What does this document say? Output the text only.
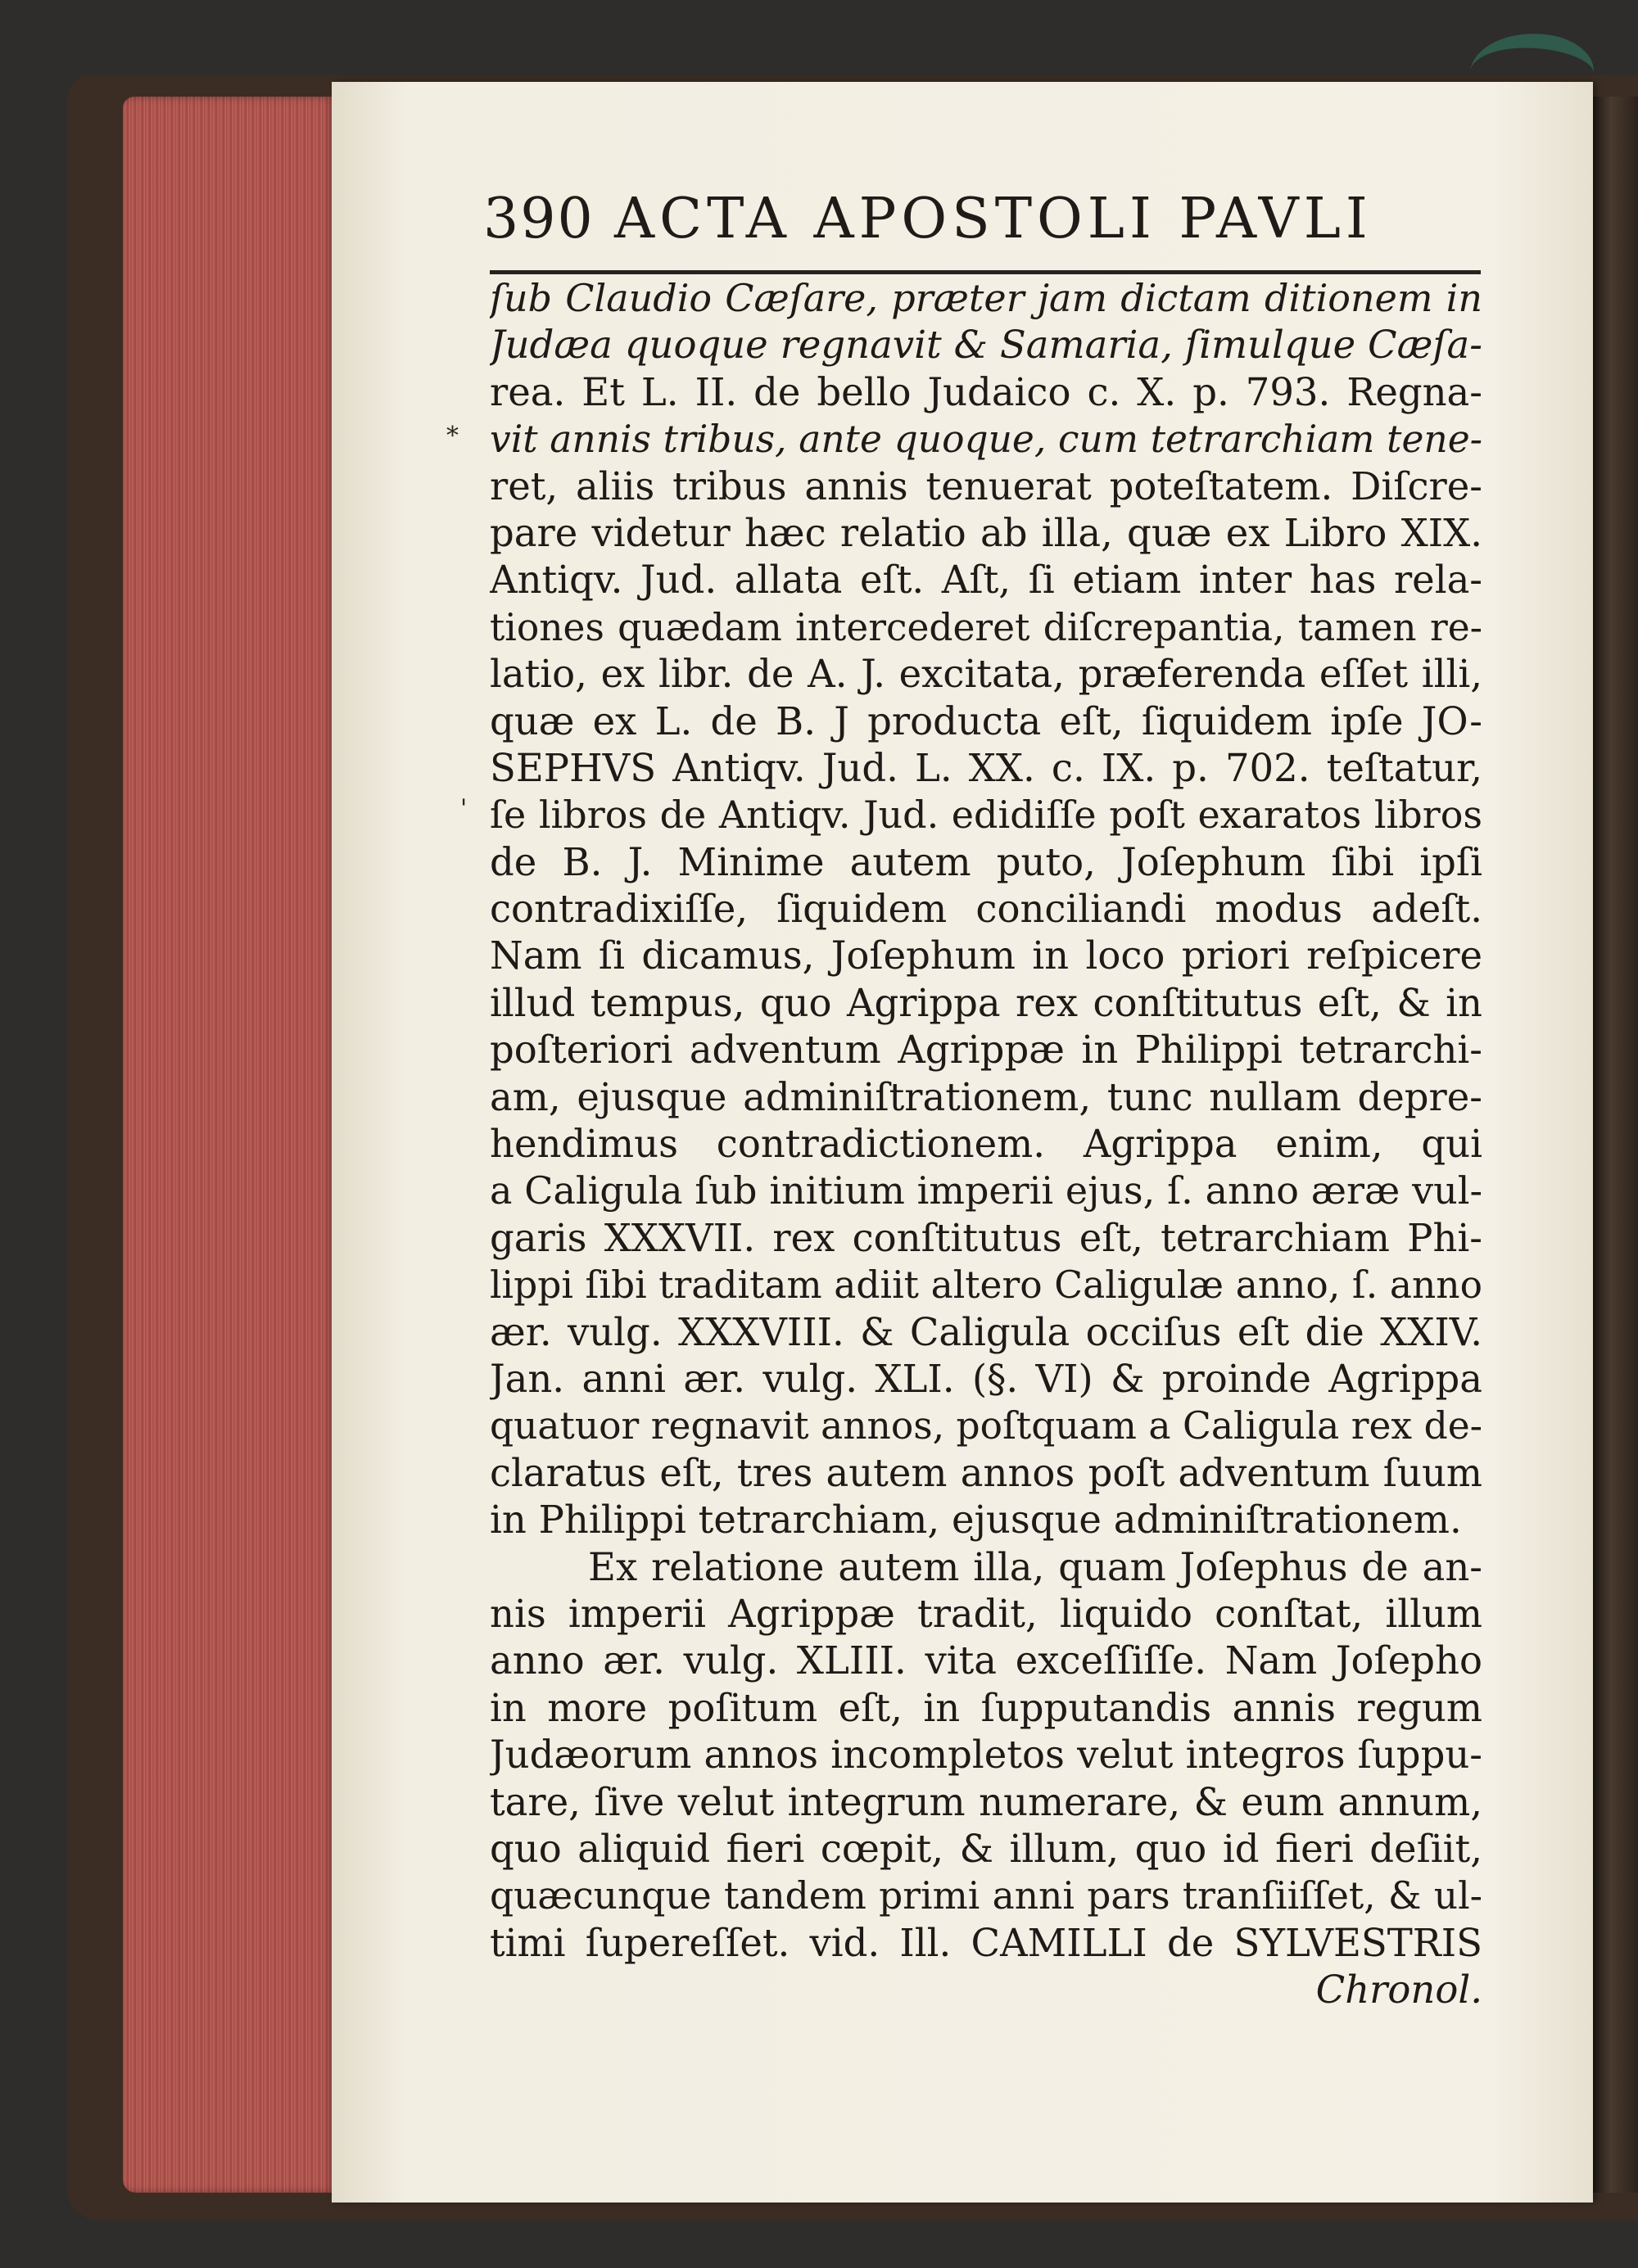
390 ACTA APOSTOLI PAVLI
*
'
ſub Claudio Cæſare, præter jam dictam ditionem in
Judæa quoque regnavit & Samaria, ſimulque Cæſa-
rea. Et L. II. de bello Judaico c. X. p. 793. Regna-
vit annis tribus, ante quoque, cum tetrarchiam tene-
ret, aliis tribus annis tenuerat poteſtatem. Diſcre-
pare videtur hæc relatio ab illa, quæ ex Libro XIX.
Antiqv. Jud. allata eſt. Aſt, ſi etiam inter has rela-
tiones quædam intercederet diſcrepantia, tamen re-
latio, ex libr. de A. J. excitata, præferenda eſſet illi,
quæ ex L. de B. J producta eſt, ſiquidem ipſe JO-
SEPHVS Antiqv. Jud. L. XX. c. IX. p. 702. teſtatur,
ſe libros de Antiqv. Jud. edidiſſe poſt exaratos libros
de B. J. Minime autem puto, Joſephum ſibi ipſi
contradixiſſe, ſiquidem conciliandi modus adeſt.
Nam ſi dicamus, Joſephum in loco priori reſpicere
illud tempus, quo Agrippa rex conſtitutus eſt, & in
poſteriori adventum Agrippæ in Philippi tetrarchi-
am, ejusque adminiſtrationem, tunc nullam depre-
hendimus contradictionem. Agrippa enim, qui
a Caligula ſub initium imperii ejus, ſ. anno æræ vul-
garis XXXVII. rex conſtitutus eſt, tetrarchiam Phi-
lippi ſibi traditam adiit altero Caligulæ anno, ſ. anno
ær. vulg. XXXVIII. & Caligula occiſus eſt die XXIV.
Jan. anni ær. vulg. XLI. (§. VI) & proinde Agrippa
quatuor regnavit annos, poſtquam a Caligula rex de-
claratus eſt, tres autem annos poſt adventum ſuum
in Philippi tetrarchiam, ejusque adminiſtrationem.
Ex relatione autem illa, quam Joſephus de an-
nis imperii Agrippæ tradit, liquido conſtat, illum
anno ær. vulg. XLIII. vita exceſſiſſe. Nam Joſepho
in more poſitum eſt, in ſupputandis annis regum
Judæorum annos incompletos velut integros ſuppu-
tare, ſive velut integrum numerare, & eum annum,
quo aliquid fieri cœpit, & illum, quo id fieri deſiit,
quæcunque tandem primi anni pars tranſiiſſet, & ul-
timi ſupereſſet. vid. Ill. CAMILLI de SYLVESTRIS
Chronol.
